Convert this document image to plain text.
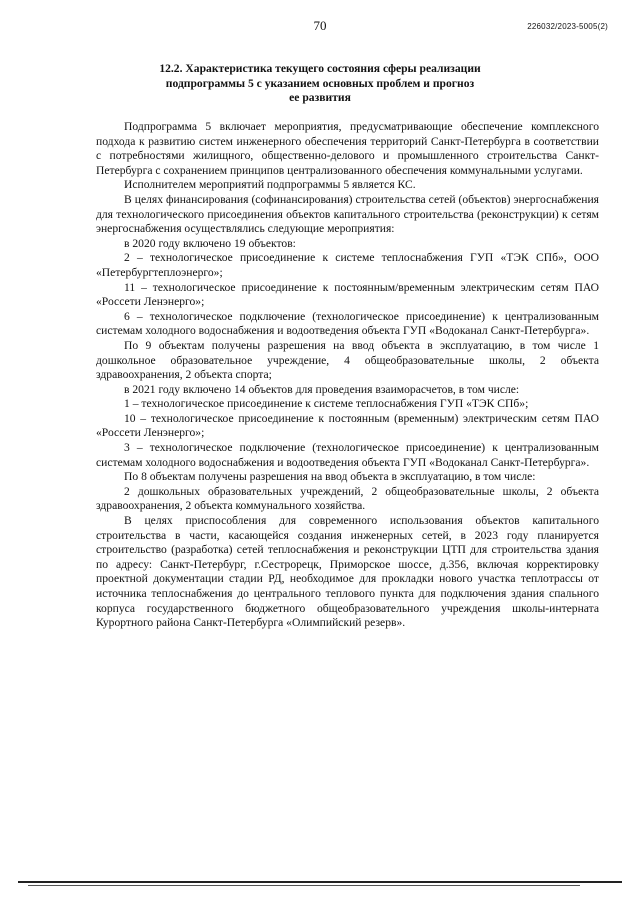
70	226032/2023-5005(2)
12.2. Характеристика текущего состояния сферы реализации
подпрограммы 5 с указанием основных проблем и прогноз
ее развития

Подпрограмма 5 включает мероприятия, предусматривающие обеспечение комплексного подхода к развитию систем инженерного обеспечения территорий Санкт-Петербурга в соответствии с потребностями жилищного, общественно-делового и промышленного строительства Санкт-Петербурга с сохранением принципов централизованного обеспечения коммунальными услугами.

Исполнителем мероприятий подпрограммы 5 является КС.

В целях финансирования (софинансирования) строительства сетей (объектов) энергоснабжения для технологического присоединения объектов капитального строительства (реконструкции) к сетям энергоснабжения осуществлялись следующие мероприятия:

в 2020 году включено 19 объектов:

2 – технологическое присоединение к системе теплоснабжения ГУП «ТЭК СПб», ООО «Петербургтеплоэнерго»;

11 – технологическое присоединение к постоянным/временным электрическим сетям ПАО «Россети Ленэнерго»;

6 – технологическое подключение (технологическое присоединение) к централизованным системам холодного водоснабжения и водоотведения объекта ГУП «Водоканал Санкт-Петербурга».

По 9 объектам получены разрешения на ввод объекта в эксплуатацию, в том числе 1 дошкольное образовательное учреждение, 4 общеобразовательные школы, 2 объекта здравоохранения, 2 объекта спорта;

в 2021 году включено 14 объектов для проведения взаиморасчетов, в том числе:

1 – технологическое присоединение к системе теплоснабжения ГУП «ТЭК СПб»;

10 – технологическое присоединение к постоянным (временным) электрическим сетям ПАО «Россети Ленэнерго»;

3 – технологическое подключение (технологическое присоединение) к централизованным системам холодного водоснабжения и водоотведения объекта ГУП «Водоканал Санкт-Петербурга».

По 8 объектам получены разрешения на ввод объекта в эксплуатацию, в том числе:

2 дошкольных образовательных учреждений, 2 общеобразовательные школы, 2 объекта здравоохранения, 2 объекта коммунального хозяйства.

В целях приспособления для современного использования объектов капитального строительства в части, касающейся создания инженерных сетей, в 2023 году планируется строительство (разработка) сетей теплоснабжения и реконструкции ЦТП для строительства здания по адресу: Санкт-Петербург, г.Сестрорецк, Приморское шоссе, д.356, включая корректировку проектной документации стадии РД, необходимое для прокладки нового участка теплотрассы от источника теплоснабжения до центрального теплового пункта для подключения здания спального корпуса государственного бюджетного общеобразовательного учреждения школы-интерната Курортного района Санкт-Петербурга «Олимпийский резерв».
